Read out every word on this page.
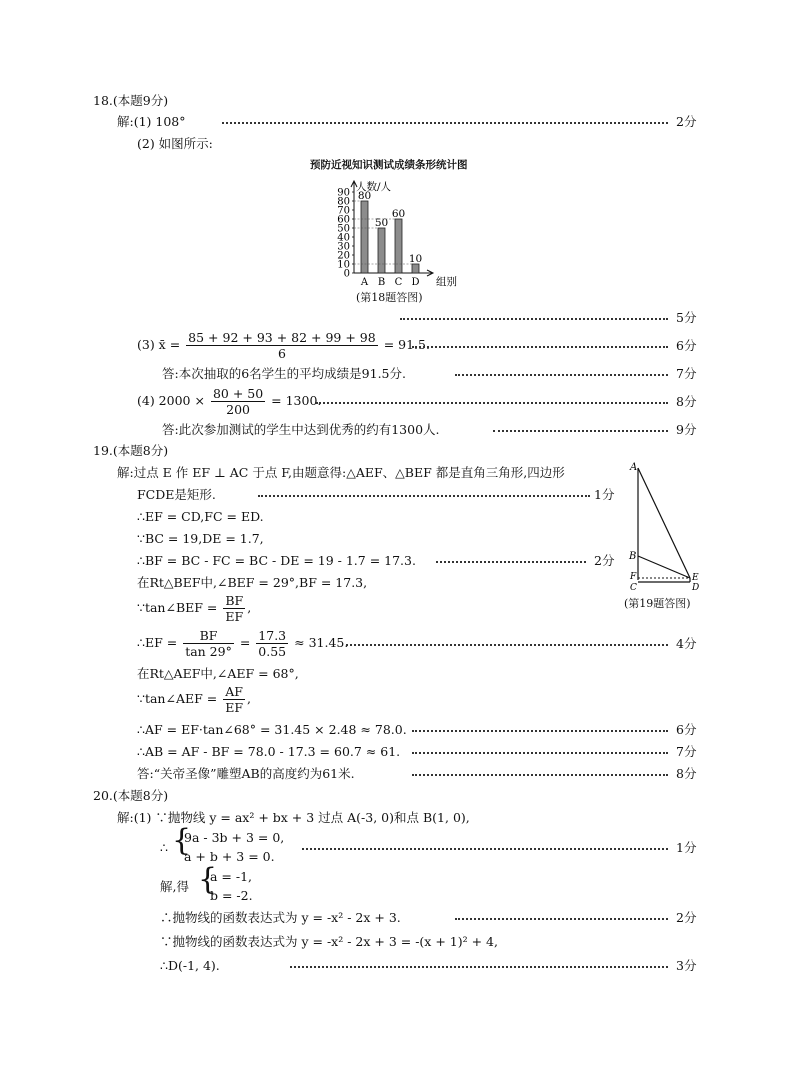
18.(本题9分)
解:(1) 108°	2分
(2) 如图所示:
预防近视知识测试成绩条形统计图
0
10
20
30
40
50
60
70
80
90 人数/人
组别
80
A
50
B
60
C
10
D
(第18题答图)
5分
(3) x̄ = $\frac{85 + 92 + 93 + 82 + 99 + 98}{6} = 91.5$.	6分
答:本次抽取的6名学生的平均成绩是91.5分.	7分
(4) $2000 \times \frac{80 + 50}{200} = 1300$.	8分
答:此次参加测试的学生中达到优秀的约有1300人.	9分
19.(本题8分)
解:过点 E 作 EF ⊥ AC 于点 F,由题意得:△AEF、△BEF 都是直角三角形,四边形
FCDE是矩形.	1分
∴EF = CD,FC = ED.
∵BC = 19,DE = 1.7,
∴BF = BC - FC = BC - DE = 19 - 1.7 = 17.3.	2分
在Rt△BEF中,∠BEF = 29°,BF = 17.3,
∵tan∠BEF = $\frac{BF}{EF}$ ,
∴EF = $\frac{BF}{\tan 29^\circ} = \frac{17.3}{0.55} \approx 31.45$.	4分
在Rt△AEF中,∠AEF = 68°,
∵tan∠AEF = $\frac{AF}{EF}$ ,
∴AF = EF·tan∠68° = 31.45 × 2.48 ≈ 78.0.	6分
∴AB = AF - BF = 78.0 - 17.3 = 60.7 ≈ 61.	7分
答:“关帝圣像”雕塑AB的高度约为61米.	8分
A
B
F
C
E
D
(第19题答图)
20.(本题8分)
解:(1) ∵抛物线 y = ax² + bx + 3 过点 A(-3, 0)和点 B(1, 0),
∴ {
9a - 3b + 3 = 0,
a + b + 3 = 0.
1分
解,得 {
a = -1,
b = -2.
∴抛物线的函数表达式为 y = -x² - 2x + 3.	2分
∵抛物线的函数表达式为 y = -x² - 2x + 3 = -(x + 1)² + 4,
∴D(-1, 4).	3分
